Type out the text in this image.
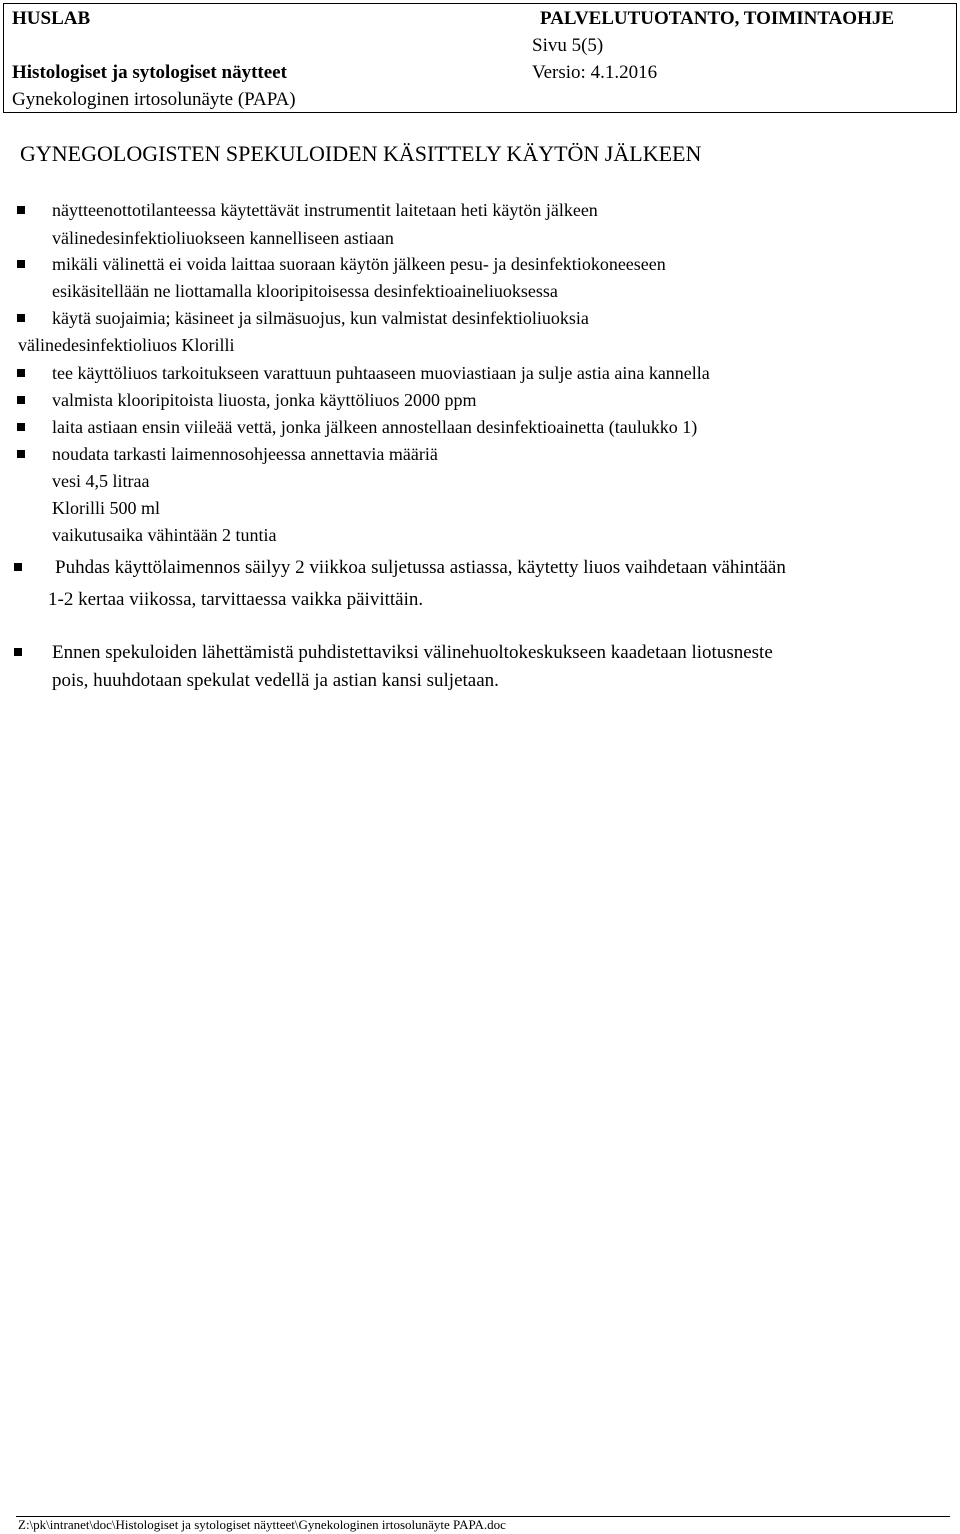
HUSLAB	PALVELUTUOTANTO, TOIMINTAOHJE
Sivu 5(5)
Histologiset ja sytologiset näytteet	Versio: 4.1.2016
Gynekologinen irtosolunäyte (PAPA)
GYNEGOLOGISTEN SPEKULOIDEN KÄSITTELY KÄYTÖN JÄLKEEN
näytteenottotilanteessa käytettävät instrumentit laitetaan heti käytön jälkeen
välinedesinfektioliuokseen kannelliseen astiaan
mikäli välinettä ei voida laittaa suoraan käytön jälkeen pesu- ja desinfektiokoneeseen
esikäsitellään ne liottamalla klooripitoisessa desinfektioaineliuoksessa
käytä suojaimia; käsineet ja silmäsuojus, kun valmistat desinfektioliuoksia
välinedesinfektioliuos Klorilli
tee käyttöliuos tarkoitukseen varattuun puhtaaseen muoviastiaan ja sulje astia aina kannella
valmista klooripitoista liuosta, jonka käyttöliuos 2000 ppm
laita astiaan ensin viileää vettä, jonka jälkeen annostellaan desinfektioainetta (taulukko 1)
noudata tarkasti laimennosohjeessa annettavia määriä
vesi 4,5 litraa
Klorilli 500 ml
vaikutusaika vähintään 2 tuntia
Puhdas käyttölaimennos säilyy 2 viikkoa suljetussa astiassa, käytetty liuos vaihdetaan vähintään
1-2 kertaa viikossa, tarvittaessa vaikka päivittäin.
Ennen spekuloiden lähettämistä puhdistettaviksi välinehuoltokeskukseen kaadetaan liotusneste
pois, huuhdotaan spekulat vedellä ja astian kansi suljetaan.
Z:\pk\intranet\doc\Histologiset ja sytologiset näytteet\Gynekologinen irtosolunäyte PAPA.doc
